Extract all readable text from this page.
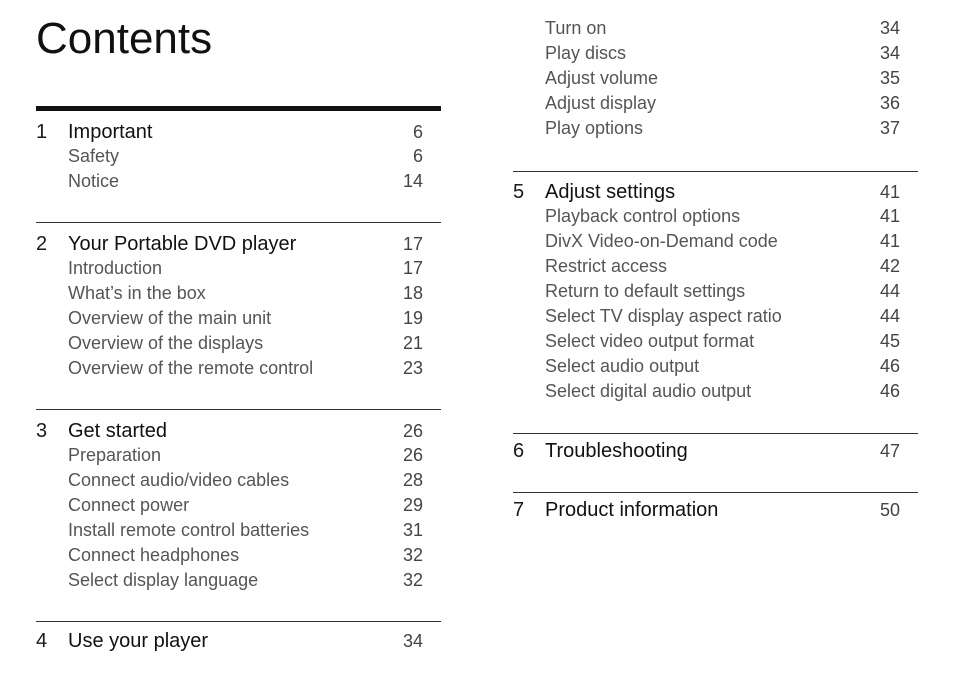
Contents
1	Important	6
Safety	6
Notice	14
2	Your Portable DVD player	17
Introduction	17
What’s in the box	18
Overview of the main unit	19
Overview of the displays	21
Overview of the remote control	23
3	Get started	26
Preparation	26
Connect audio/video cables	28
Connect power	29
Install remote control batteries	31
Connect headphones	32
Select display language	32
4	Use your player	34
Turn on	34
Play discs	34
Adjust volume	35
Adjust display	36
Play options	37
5	Adjust settings	41
Playback control options	41
DivX Video-on-Demand code	41
Restrict access	42
Return to default settings	44
Select TV display aspect ratio	44
Select video output format	45
Select audio output	46
Select digital audio output	46
6	Troubleshooting	47
7	Product information	50
